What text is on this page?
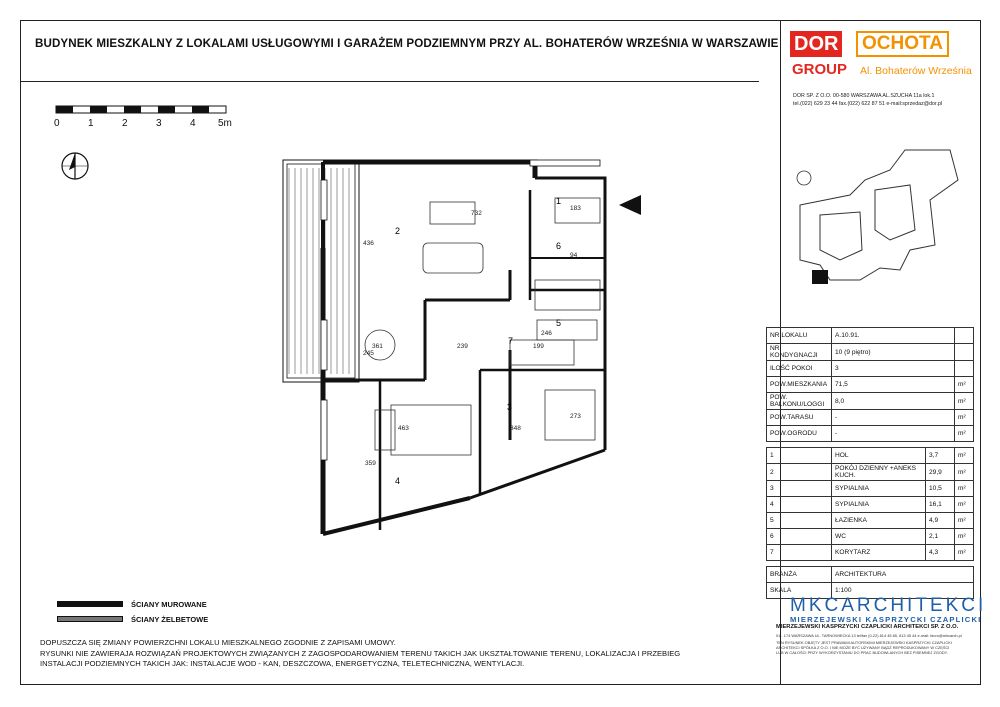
BUDYNEK MIESZKALNY Z LOKALAMI USŁUGOWYMI I GARAŻEM PODZIEMNYM PRZY AL. BOHATERÓW WRZEŚNIA W WARSZAWIE DOR
GROUP
OCHOTA
Al. Bohaterów Września
DOR SP. Z O.O. 00-580 WARSZAWA AL.SZUCHA 11a lok.1
tel.(022) 629 23 44 fax.(022) 622 87 51 e-mail:sprzedaz@dor.pl
0	1	2	3	4 5m
2
1
6
5
7
3
4
732
436
361	239
246
199
463	348
359
273
183
94
245
NR LOKALU	A.10.91.		
NR KONDYGNACJI	10 (9 piętro)		
ILOŚĆ POKOI	3		
POW.MIESZKANIA	71,5		m²
POW. BALKONU/LOGGI	8,0		m²
POW.TARASU	-		m²
POW.OGRODU	-		m²

1	HOL	3,7	m²
2	POKÓJ DZIENNY +ANEKS KUCH.	29,9	m²
3	SYPIALNIA	10,5	m²
4	SYPIALNIA	16,1	m²
5	ŁAZIENKA	4,9	m²
6	WC	2,1	m²
7	KORYTARZ	4,3	m²

BRANŻA	ARCHITEKTURA		
SKALA	1:100		
ŚCIANY MUROWANE
ŚCIANY ŻELBETOWE
DOPUSZCZA SIĘ ZMIANY POWIERZCHNI LOKALU MIESZKALNEGO ZGODNIE Z ZAPISAMI UMOWY.
RYSUNKI NIE ZAWIERAJA ROZWIĄZAŃ PROJEKTOWYCH ZWIĄZANYCH Z ZAGOSPODAROWANIEM TERENU TAKICH JAK UKSZTAŁTOWANIE TERENU, LOKALIZACJA I PRZEBIEG
INSTALACJI PODZIEMNYCH TAKICH JAK: INSTALACJE WOD - KAN, DESZCZOWA, ENERGETYCZNA, TELETECHNICZNA, WENTYLACJI.
MKCARCHITEKCI
MIERZEJEWSKI KASPRZYCKI CZAPLICKI
MIERZEJEWSKI KASPRZYCKI CZAPLICKI ARCHITEKCI SP. Z O.O.
01 - 174 WARSZAWA UL. TARNOWIECKA 13 tel/fax (0-22) 814 45 85, 813 45 44 e-mail: biuro@mkcarch.pl
TEN RYSUNEK OBJĘTY JEST PRAWAMI AUTORSKIMI MIERZEJEWSKI KASPRZYCKI CZAPLICKI
ARCHITEKCI SPÓŁKA Z O.O. I NIE MOŻE BYĆ UŻYWANY BĄDŹ REPRODUKOWANY W CZĘŚCI
LUB W CAŁOŚCI PRZY WYKORZYSTANIU DO PRAC BUDOWLANYCH BEZ PISEMNEJ ZGODY.
